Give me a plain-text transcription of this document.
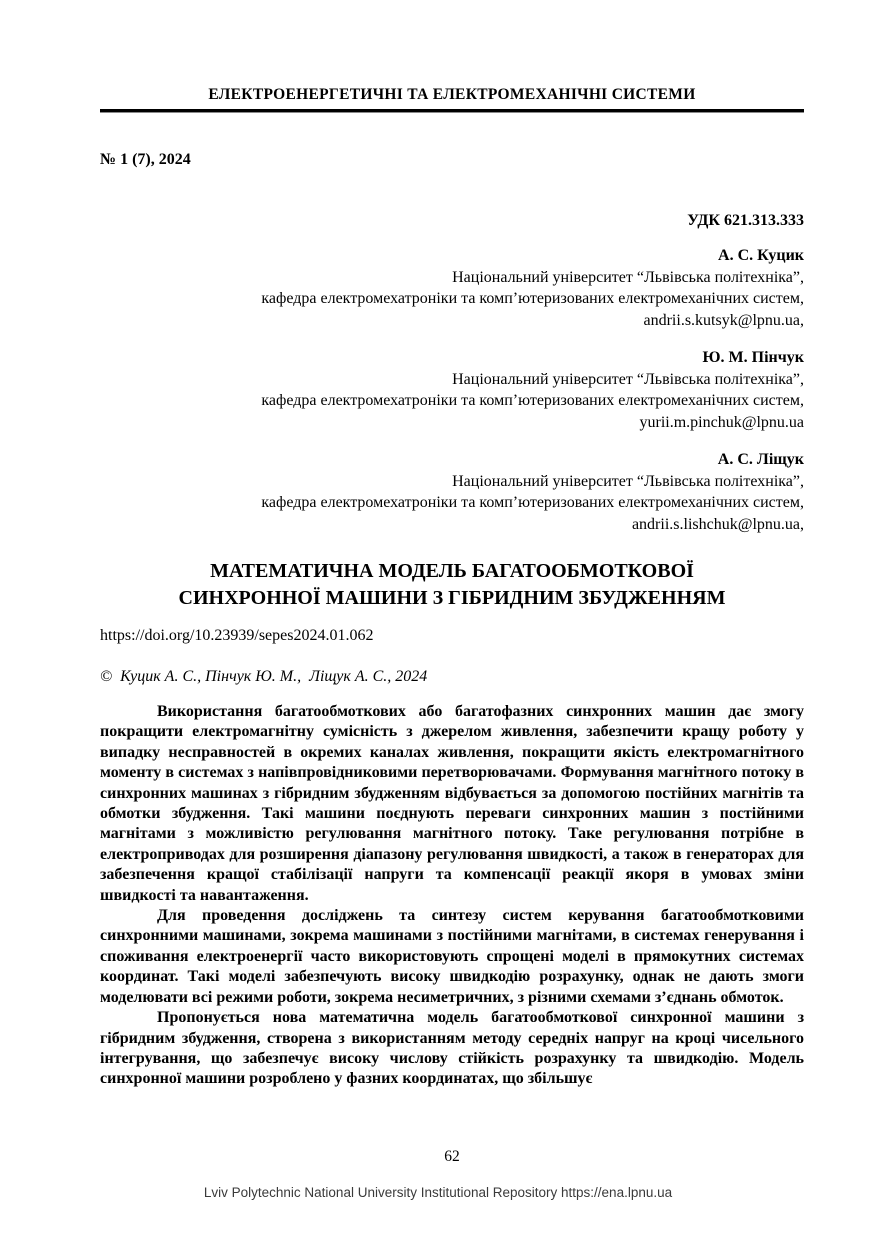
ЕЛЕКТРОЕНЕРГЕТИЧНІ ТА ЕЛЕКТРОМЕХАНІЧНІ СИСТЕМИ
№ 1 (7), 2024
УДК 621.313.333
А. С. Куцик
Національний університет “Львівська політехніка”,
кафедра електромехатроніки та комп’ютеризованих електромеханічних систем,
andrii.s.kutsyk@lpnu.ua,
Ю. М. Пінчук
Національний університет “Львівська політехніка”,
кафедра електромехатроніки та комп’ютеризованих електромеханічних систем,
yurii.m.pinchuk@lpnu.ua
А. С. Ліщук
Національний університет “Львівська політехніка”,
кафедра електромехатроніки та комп’ютеризованих електромеханічних систем,
andrii.s.lishchuk@lpnu.ua,
МАТЕМАТИЧНА МОДЕЛЬ БАГАТООБМОТКОВОЇ
СИНХРОННОЇ МАШИНИ З ГІБРИДНИМ ЗБУДЖЕННЯМ
https://doi.org/10.23939/sepes2024.01.062
©  Куцик А. С., Пінчук Ю. М.,  Ліщук А. С., 2024

Використання багатообмоткових або багатофазних синхронних машин дає змогу покращити електромагнітну сумісність з джерелом живлення, забезпечити кращу роботу у випадку несправностей в окремих каналах живлення, покращити якість електромагнітного моменту в системах з напівпровідниковими перетворювачами. Формування магнітного потоку в синхронних машинах з гібридним збудженням відбувається за допомогою постійних магнітів та обмотки збудження. Такі машини поєднують переваги синхронних машин з постійними магнітами з можливістю регулювання магнітного потоку. Таке регулювання потрібне в електроприводах для розширення діапазону регулювання швидкості, а також в генераторах для забезпечення кращої стабілізації напруги та компенсації реакції якоря в умовах зміни швидкості та навантаження.

Для проведення досліджень та синтезу систем керування багатообмотковими синхронними машинами, зокрема машинами з постійними магнітами, в системах генерування і споживання електроенергії часто використовують спрощені моделі в прямокутних системах координат. Такі моделі забезпечують високу швидкодію розрахунку, однак не дають змоги моделювати всі режими роботи, зокрема несиметричних, з різними схемами з’єднань обмоток.

Пропонується нова математична модель багатообмоткової синхронної машини з гібридним збудження, створена з використанням методу середніх напруг на кроці чисельного інтегрування, що забезпечує високу числову стійкість розрахунку та швидкодію. Модель синхронної машини розроблено у фазних координатах, що збільшує

62
Lviv Polytechnic National University Institutional Repository https://ena.lpnu.ua
